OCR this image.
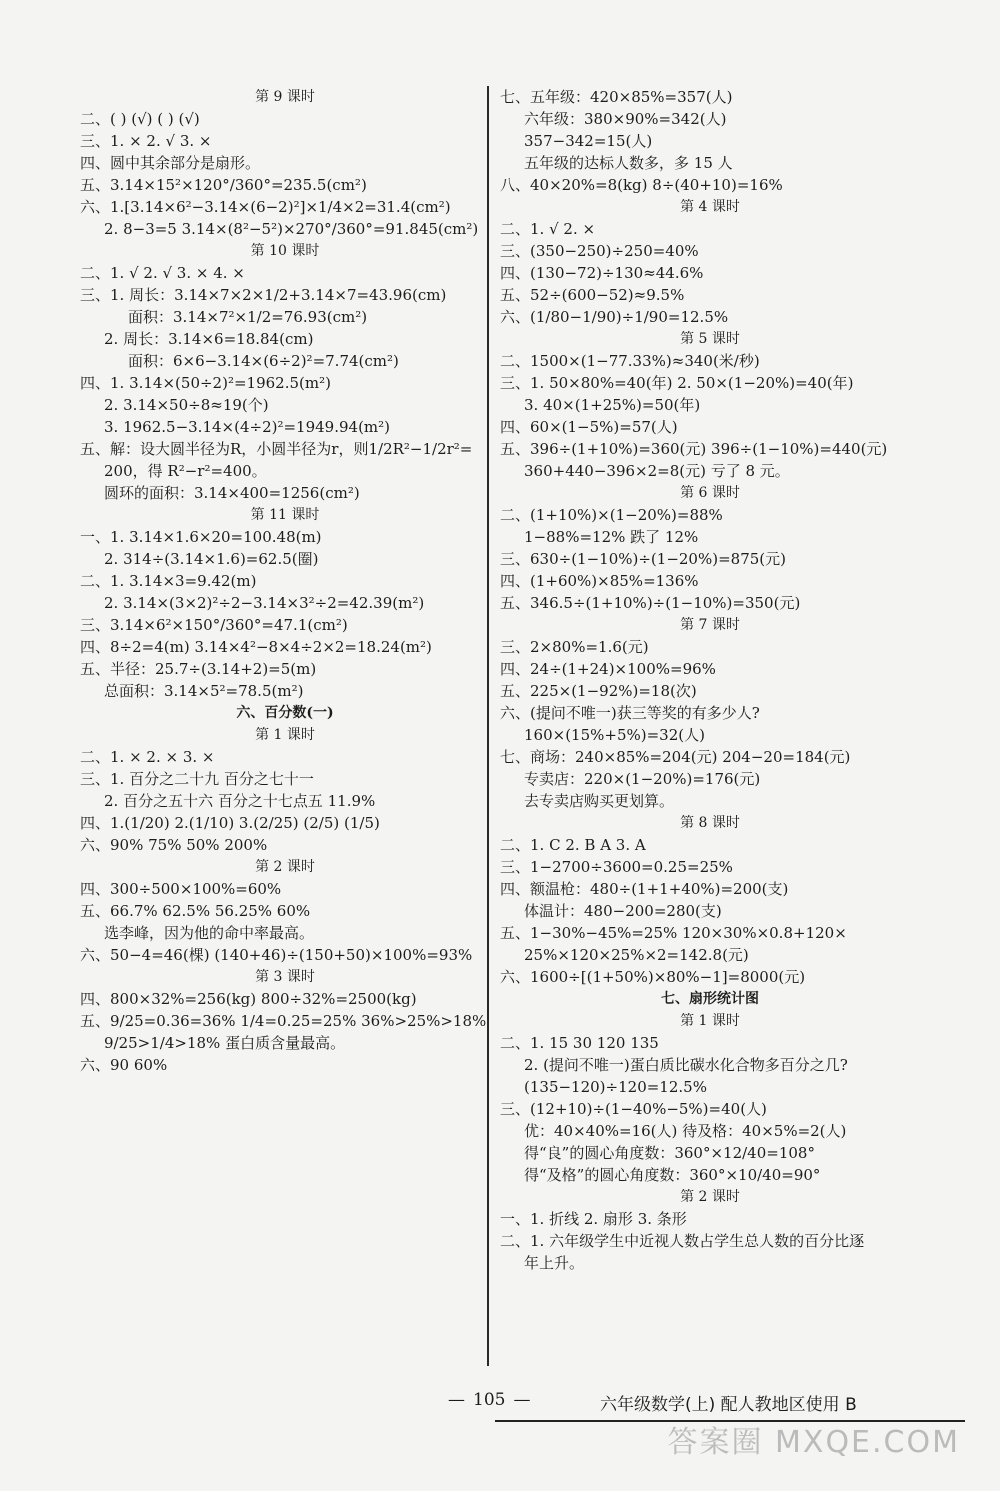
第 9 课时
二、( ) (√) ( ) (√)
三、1. × 2. √ 3. ×
四、圆中其余部分是扇形。
五、3.14×15²×120°/360°=235.5(cm²)
六、1.[3.14×6²−3.14×(6−2)²]×1/4×2=31.4(cm²)
2. 8−3=5 3.14×(8²−5²)×270°/360°=91.845(cm²)
第 10 课时
二、1. √ 2. √ 3. × 4. ×
三、1. 周长：3.14×7×2×1/2+3.14×7=43.96(cm)
面积：3.14×7²×1/2=76.93(cm²)
2. 周长：3.14×6=18.84(cm)
面积：6×6−3.14×(6÷2)²=7.74(cm²)
四、1. 3.14×(50÷2)²=1962.5(m²)
2. 3.14×50÷8≈19(个)
3. 1962.5−3.14×(4÷2)²=1949.94(m²)
五、解：设大圆半径为R，小圆半径为r，则1/2R²−1/2r²=
200，得 R²−r²=400。
圆环的面积：3.14×400=1256(cm²)
第 11 课时
一、1. 3.14×1.6×20=100.48(m)
2. 314÷(3.14×1.6)=62.5(圈)
二、1. 3.14×3=9.42(m)
2. 3.14×(3×2)²÷2−3.14×3²÷2=42.39(m²)
三、3.14×6²×150°/360°=47.1(cm²)
四、8÷2=4(m) 3.14×4²−8×4÷2×2=18.24(m²)
五、半径：25.7÷(3.14+2)=5(m)
总面积：3.14×5²=78.5(m²)
六、百分数(一)
第 1 课时
二、1. × 2. × 3. ×
三、1. 百分之二十九 百分之七十一
2. 百分之五十六 百分之十七点五 11.9%
四、1.(1/20) 2.(1/10) 3.(2/25) (2/5) (1/5)
六、90% 75% 50% 200%
第 2 课时
四、300÷500×100%=60%
五、66.7% 62.5% 56.25% 60%
选李峰，因为他的命中率最高。
六、50−4=46(棵) (140+46)÷(150+50)×100%=93%
第 3 课时
四、800×32%=256(kg) 800÷32%=2500(kg)
五、9/25=0.36=36% 1/4=0.25=25% 36%>25%>18%
9/25>1/4>18% 蛋白质含量最高。
六、90 60%
七、五年级：420×85%=357(人)
六年级：380×90%=342(人)
357−342=15(人)
五年级的达标人数多，多 15 人
八、40×20%=8(kg) 8÷(40+10)=16%
第 4 课时
二、1. √ 2. ×
三、(350−250)÷250=40%
四、(130−72)÷130≈44.6%
五、52÷(600−52)≈9.5%
六、(1/80−1/90)÷1/90=12.5%
第 5 课时
二、1500×(1−77.33%)≈340(米/秒)
三、1. 50×80%=40(年) 2. 50×(1−20%)=40(年)
3. 40×(1+25%)=50(年)
四、60×(1−5%)=57(人)
五、396÷(1+10%)=360(元) 396÷(1−10%)=440(元)
360+440−396×2=8(元) 亏了 8 元。
第 6 课时
二、(1+10%)×(1−20%)=88%
1−88%=12% 跌了 12%
三、630÷(1−10%)÷(1−20%)=875(元)
四、(1+60%)×85%=136%
五、346.5÷(1+10%)÷(1−10%)=350(元)
第 7 课时
三、2×80%=1.6(元)
四、24÷(1+24)×100%=96%
五、225×(1−92%)=18(次)
六、(提问不唯一)获三等奖的有多少人?
160×(15%+5%)=32(人)
七、商场：240×85%=204(元) 204−20=184(元)
专卖店：220×(1−20%)=176(元)
去专卖店购买更划算。
第 8 课时
二、1. C 2. B A 3. A
三、1−2700÷3600=0.25=25%
四、额温枪：480÷(1+1+40%)=200(支)
体温计：480−200=280(支)
五、1−30%−45%=25% 120×30%×0.8+120×
25%×120×25%×2=142.8(元)
六、1600÷[(1+50%)×80%−1]=8000(元)
七、扇形统计图
第 1 课时
二、1. 15 30 120 135
2. (提问不唯一)蛋白质比碳水化合物多百分之几?
(135−120)÷120=12.5%
三、(12+10)÷(1−40%−5%)=40(人)
优：40×40%=16(人) 待及格：40×5%=2(人)
得“良”的圆心角度数：360°×12/40=108°
得“及格”的圆心角度数：360°×10/40=90°
第 2 课时
一、1. 折线 2. 扇形 3. 条形
二、1. 六年级学生中近视人数占学生总人数的百分比逐
年上升。
— 105 —	六年级数学(上) 配人教地区使用 B
答案圈 MXQE.COM
